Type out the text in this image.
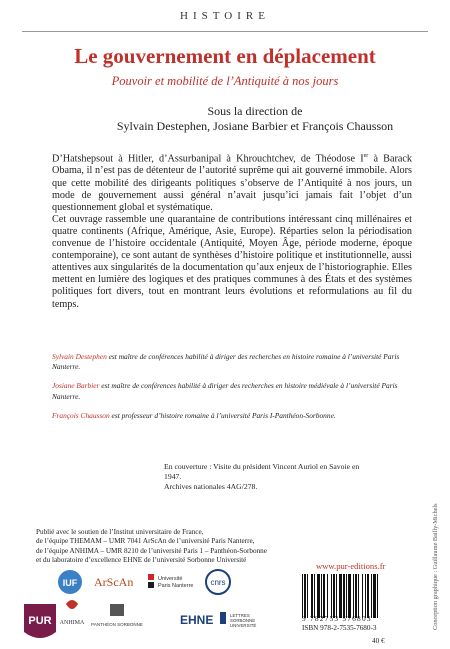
HISTOIRE
Le gouvernement en déplacement
Pouvoir et mobilité de l’Antiquité à nos jours
Sous la direction de
Sylvain Destephen, Josiane Barbier et François Chausson

D’Hatshepsout à Hitler, d’Assurbanipal à Khrouchtchev, de Théodose Ier à Barack Obama, il n’est pas de détenteur de l’autorité suprême qui ait gouverné immobile. Alors que cette mobilité des dirigeants politiques s’observe de l’Antiquité à nos jours, un mode de gouvernement aussi général n’avait jusqu’ici jamais fait l’objet d’un questionnement global et systématique.

Cet ouvrage rassemble une quarantaine de contributions intéressant cinq millénaires et quatre continents (Afrique, Amérique, Asie, Europe). Réparties selon la périodisation convenue de l’histoire occidentale (Antiquité, Moyen Âge, période moderne, époque contemporaine), ce sont autant de synthèses d’histoire politique et institutionnelle, aussi attentives aux singularités de la documentation qu’aux enjeux de l’historiographie. Elles mettent en lumière des logiques et des pratiques communes à des États et des systèmes politiques fort divers, tout en montrant leurs évolutions et reformulations au fil du temps.

Sylvain Destephen est maître de conférences habilité à diriger des recherches en histoire romaine à l’université Paris Nanterre.

Josiane Barbier est maître de conférences habilité à diriger des recherches en histoire médiévale à l’université Paris Nanterre.

François Chausson est professeur d’histoire romaine à l’université Paris I-Panthéon-Sorbonne.

En couverture : Visite du président Vincent Auriol en Savoie en 1947.
Archives nationales 4AG/278.
Publié avec le soutien de l’Institut universitaire de France,
de l’équipe THEMAM – UMR 7041 ArScAn de l’université Paris Nanterre,
de l’équipe ANHIMA – UMR 8210 de l’université Paris 1 – Panthéon-Sorbonne
et du laboratoire d’excellence EHNE de l’université Sorbonne Université	Conception graphique : Guillaume Bailly-Michels
PUR
IUF ArScAn	Université
Paris Nanterre cnrs
ANHIMA PANTHÉON SORBONNE	EHNE	LETTRES
SORBONNE
UNIVERSITÉ
www.pur-editions.fr
9 782753 576803
ISBN 978-2-7535-7680-3
40 €
